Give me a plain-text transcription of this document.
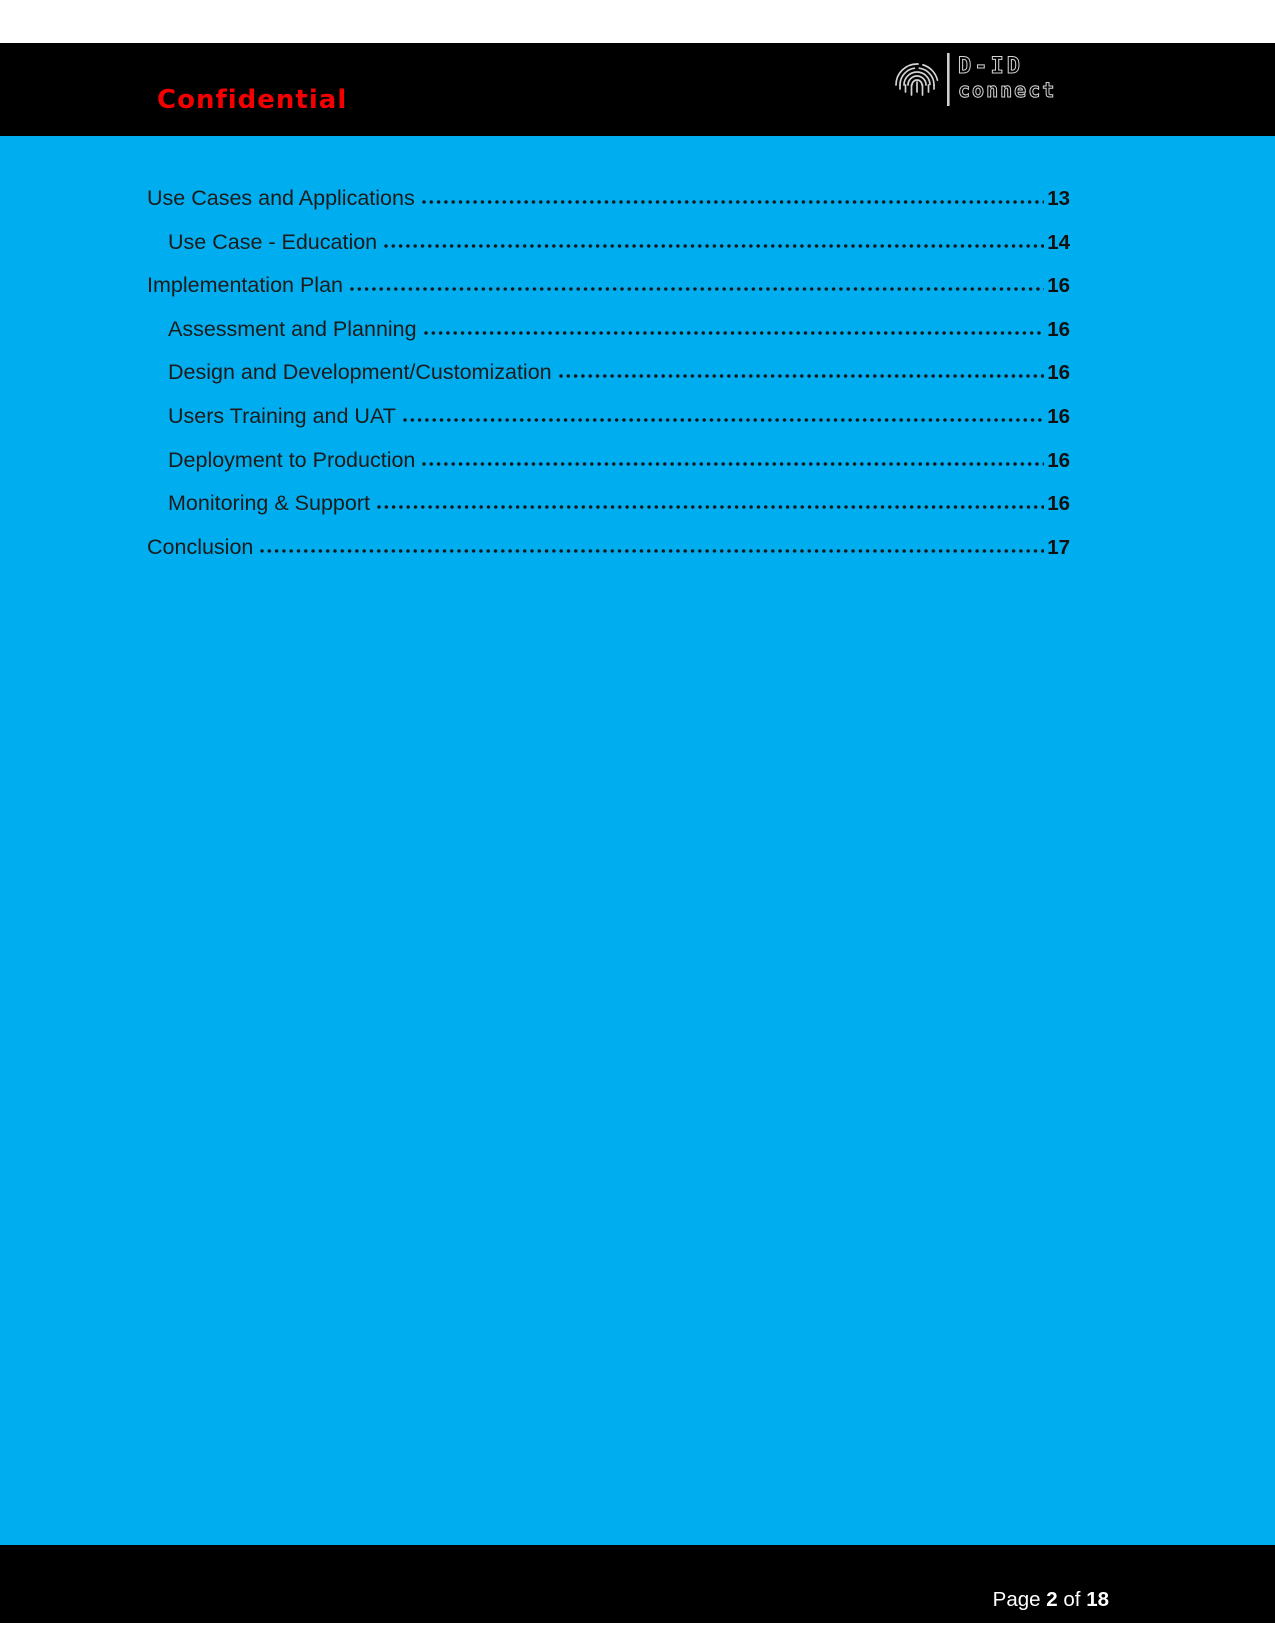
Confidential
D-ID
connect
Use Cases and Applications	13
Use Case - Education	14
Implementation Plan	16
Assessment and Planning	16
Design and Development/Customization	16
Users Training and UAT	16
Deployment to Production	16
Monitoring & Support	16
Conclusion	17
Page 2 of 18
